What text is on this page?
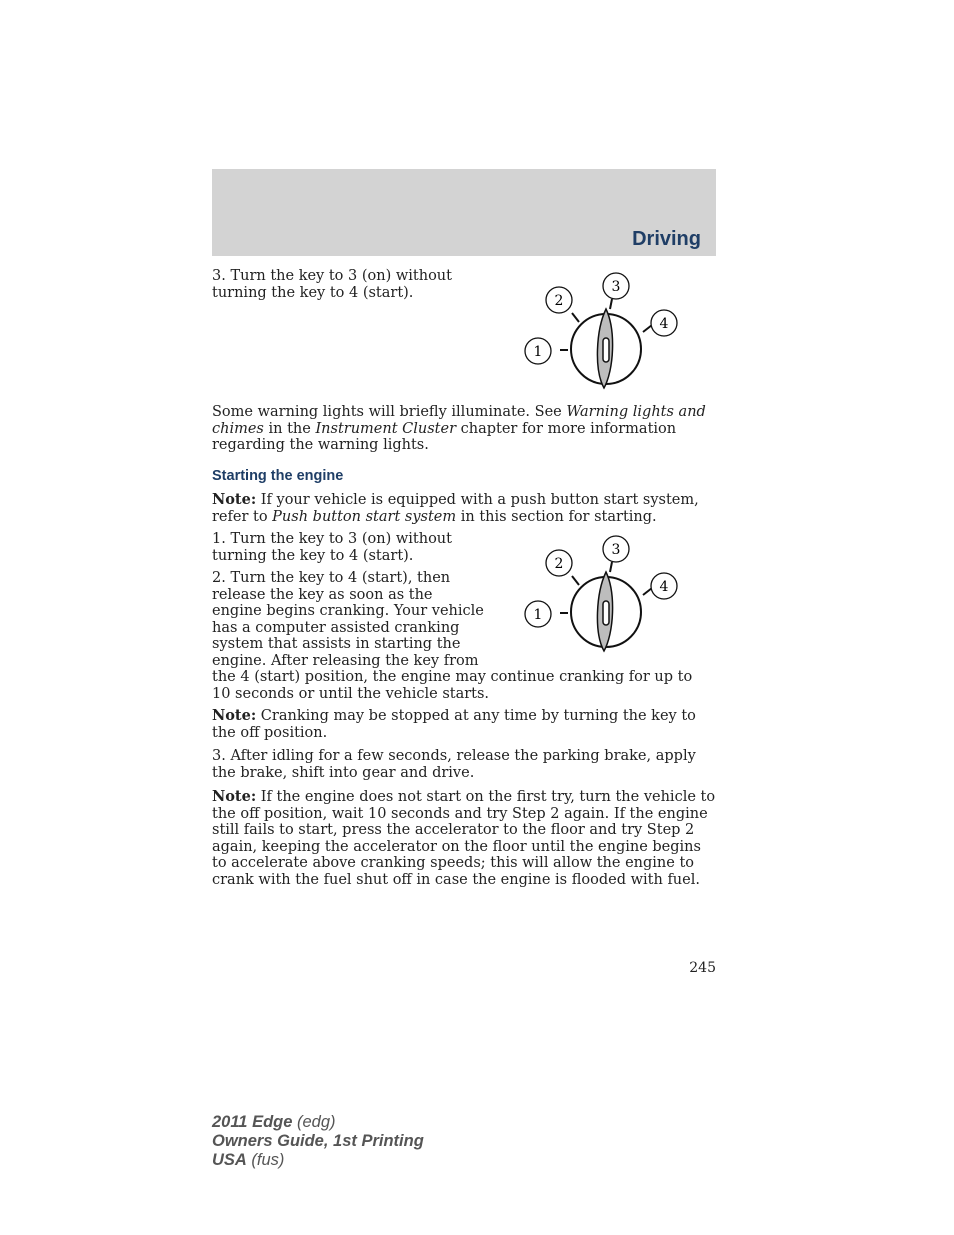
Driving

3. Turn the key to 3 (on) without turning the key to 4 (start).

1
2
3
4

Some warning lights will briefly illuminate. See Warning lights and chimes in the Instrument Cluster chapter for more information regarding the warning lights.

Starting the engine

Note: If your vehicle is equipped with a push button start system, refer to Push button start system in this section for starting.

1. Turn the key to 3 (on) without turning the key to 4 (start).

2. Turn the key to 4 (start), then
release the key as soon as the
engine begins cranking. Your vehicle
has a computer assisted cranking
system that assists in starting the
engine. After releasing the key from
the 4 (start) position, the engine may continue cranking for up to
10 seconds or until the vehicle starts.
1
2
3
4

Note: Cranking may be stopped at any time by turning the key to the off position.

3. After idling for a few seconds, release the parking brake, apply the brake, shift into gear and drive.

Note: If the engine does not start on the first try, turn the vehicle to the off position, wait 10 seconds and try Step 2 again. If the engine still fails to start, press the accelerator to the floor and try Step 2 again, keeping the accelerator on the floor until the engine begins to accelerate above cranking speeds; this will allow the engine to crank with the fuel shut off in case the engine is flooded with fuel.

245
2011 Edge (edg)
Owners Guide, 1st Printing
USA (fus)
